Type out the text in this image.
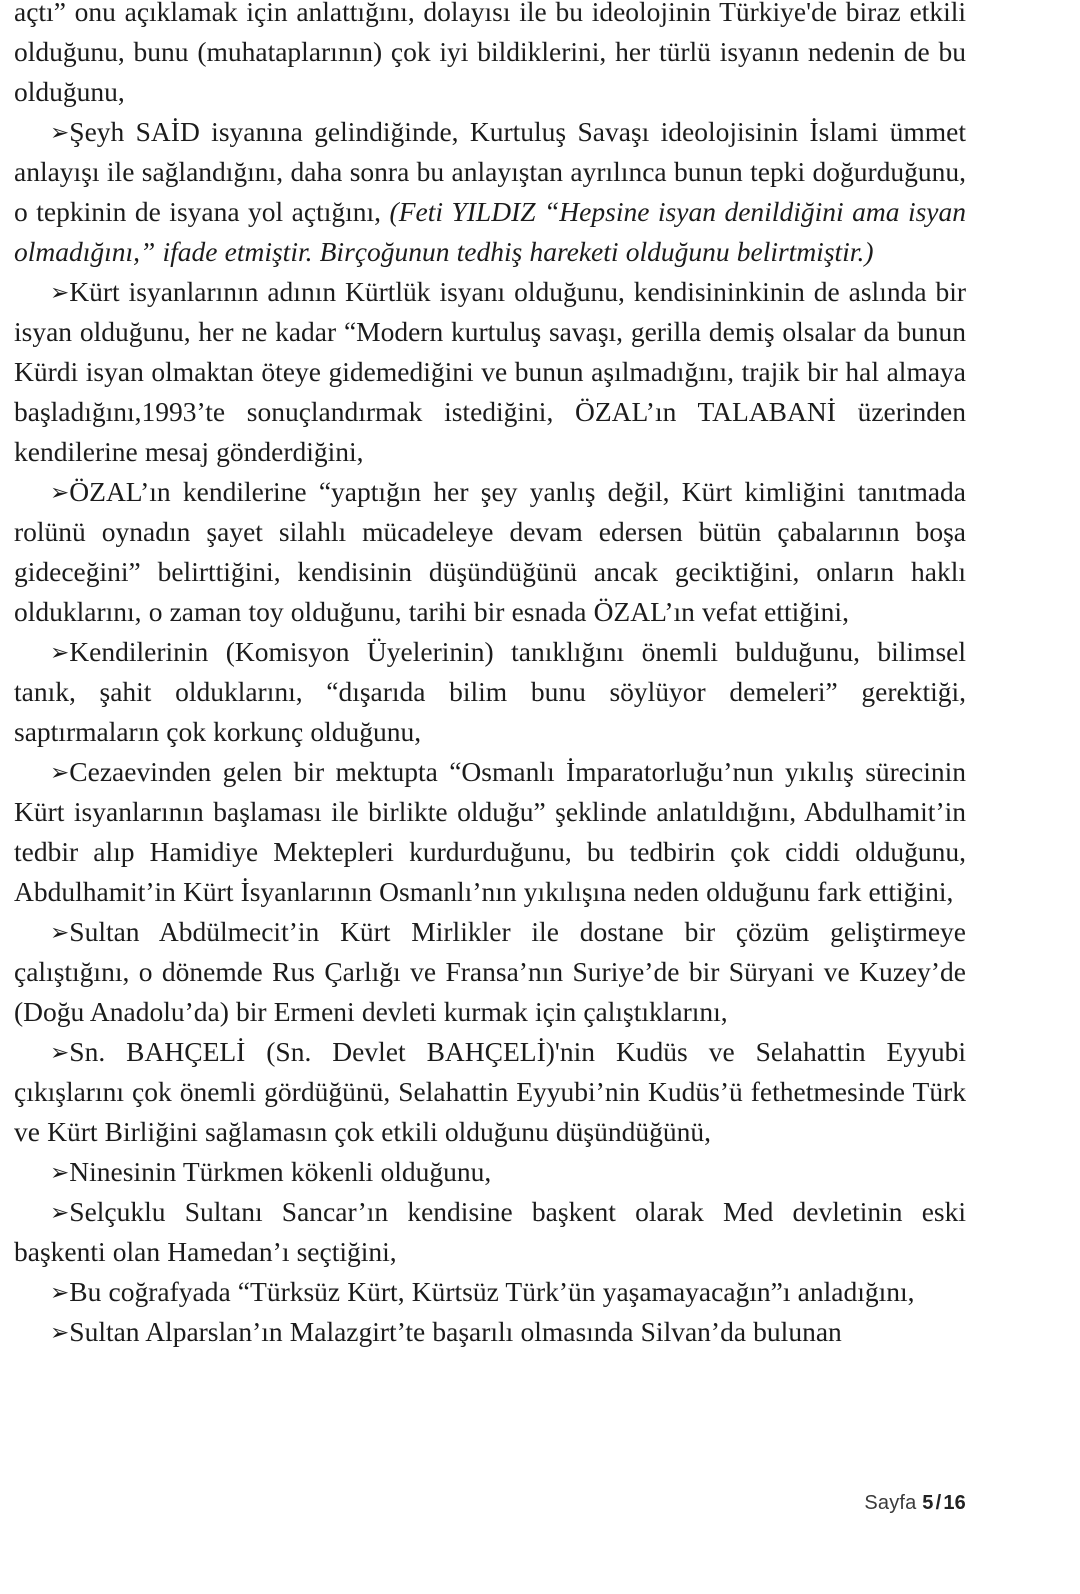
açtı” onu açıklamak için anlattığını, dolayısı ile bu ideolojinin Türkiye'de biraz etkili olduğunu, bunu (muhataplarının) çok iyi bildiklerini, her türlü isyanın nedenin de bu olduğunu,

➢Şeyh SAİD isyanına gelindiğinde, Kurtuluş Savaşı ideolojisinin İslami ümmet anlayışı ile sağlandığını, daha sonra bu anlayıştan ayrılınca bunun tepki doğurduğunu, o tepkinin de isyana yol açtığını, (Feti YILDIZ “Hepsine isyan denildiğini ama isyan olmadığını,” ifade etmiştir. Birçoğunun tedhiş hareketi olduğunu belirtmiştir.)

➢Kürt isyanlarının adının Kürtlük isyanı olduğunu, kendisininkinin de aslında bir isyan olduğunu, her ne kadar “Modern kurtuluş savaşı, gerilla demiş olsalar da bunun Kürdi isyan olmaktan öteye gidemediğini ve bunun aşılmadığını, trajik bir hal almaya başladığını,1993’te sonuçlandırmak istediğini, ÖZAL’ın TALABANİ üzerinden kendilerine mesaj gönderdiğini,

➢ÖZAL’ın kendilerine “yaptığın her şey yanlış değil, Kürt kimliğini tanıtmada rolünü oynadın şayet silahlı mücadeleye devam edersen bütün çabalarının boşa gideceğini” belirttiğini, kendisinin düşündüğünü ancak geciktiğini, onların haklı olduklarını, o zaman toy olduğunu, tarihi bir esnada ÖZAL’ın vefat ettiğini,

➢Kendilerinin (Komisyon Üyelerinin) tanıklığını önemli bulduğunu, bilimsel tanık, şahit olduklarını, “dışarıda bilim bunu söylüyor demeleri” gerektiği, saptırmaların çok korkunç olduğunu,

➢Cezaevinden gelen bir mektupta “Osmanlı İmparatorluğu’nun yıkılış sürecinin Kürt isyanlarının başlaması ile birlikte olduğu” şeklinde anlatıldığını, Abdulhamit’in tedbir alıp Hamidiye Mektepleri kurdurduğunu, bu tedbirin çok ciddi olduğunu, Abdulhamit’in Kürt İsyanlarının Osmanlı’nın yıkılışına neden olduğunu fark ettiğini,

➢Sultan Abdülmecit’in Kürt Mirlikler ile dostane bir çözüm geliştirmeye çalıştığını, o dönemde Rus Çarlığı ve Fransa’nın Suriye’de bir Süryani ve Kuzey’de (Doğu Anadolu’da) bir Ermeni devleti kurmak için çalıştıklarını,

➢Sn. BAHÇELİ (Sn. Devlet BAHÇELİ)'nin Kudüs ve Selahattin Eyyubi çıkışlarını çok önemli gördüğünü, Selahattin Eyyubi’nin Kudüs’ü fethetmesinde Türk ve Kürt Birliğini sağlamasın çok etkili olduğunu düşündüğünü,

➢Ninesinin Türkmen kökenli olduğunu,

➢Selçuklu Sultanı Sancar’ın kendisine başkent olarak Med devletinin eski başkenti olan Hamedan’ı seçtiğini,

➢Bu coğrafyada “Türksüz Kürt, Kürtsüz Türk’ün yaşamayacağın”ı anladığını,

➢Sultan Alparslan’ın Malazgirt’te başarılı olmasında Silvan’da bulunan

Sayfa 5 / 16
